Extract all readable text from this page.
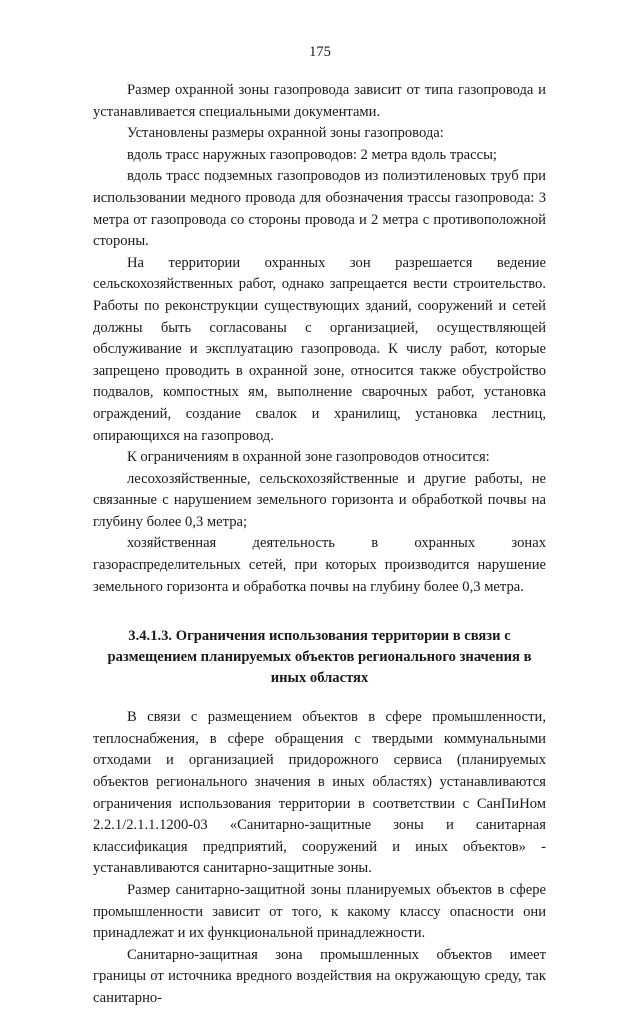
175

Размер охранной зоны газопровода зависит от типа газопровода и устанавливается специальными документами.

Установлены размеры охранной зоны газопровода:

вдоль трасс наружных газопроводов: 2 метра вдоль трассы;

вдоль трасс подземных газопроводов из полиэтиленовых труб при использовании медного провода для обозначения трассы газопровода: 3 метра от газопровода со стороны провода и 2 метра с противоположной стороны.

На территории охранных зон разрешается ведение сельскохозяйственных работ, однако запрещается вести строительство. Работы по реконструкции существующих зданий, сооружений и сетей должны быть согласованы с организацией, осуществляющей обслуживание и эксплуатацию газопровода. К числу работ, которые запрещено проводить в охранной зоне, относится также обустройство подвалов, компостных ям, выполнение сварочных работ, установка ограждений, создание свалок и хранилищ, установка лестниц, опирающихся на газопровод.

К ограничениям в охранной зоне газопроводов относится:

лесохозяйственные, сельскохозяйственные и другие работы, не связанные с нарушением земельного горизонта и обработкой почвы на глубину более 0,3 метра;

хозяйственная деятельность в охранных зонах газораспределительных сетей, при которых производится нарушение земельного горизонта и обработка почвы на глубину более 0,3 метра.

3.4.1.3. Ограничения использования территории в связи с размещением планируемых объектов регионального значения в иных областях

В связи с размещением объектов в сфере промышленности, теплоснабжения, в сфере обращения с твердыми коммунальными отходами и организацией придорожного сервиса (планируемых объектов регионального значения в иных областях) устанавливаются ограничения использования территории в соответствии с СанПиНом 2.2.1/2.1.1.1200-03 «Санитарно-защитные зоны и санитарная классификация предприятий, сооружений и иных объектов» - устанавливаются санитарно-защитные зоны.

Размер санитарно-защитной зоны планируемых объектов в сфере промышленности зависит от того, к какому классу опасности они принадлежат и их функциональной принадлежности.

Санитарно-защитная зона промышленных объектов имеет границы от источника вредного воздействия на окружающую среду, так санитарно-
